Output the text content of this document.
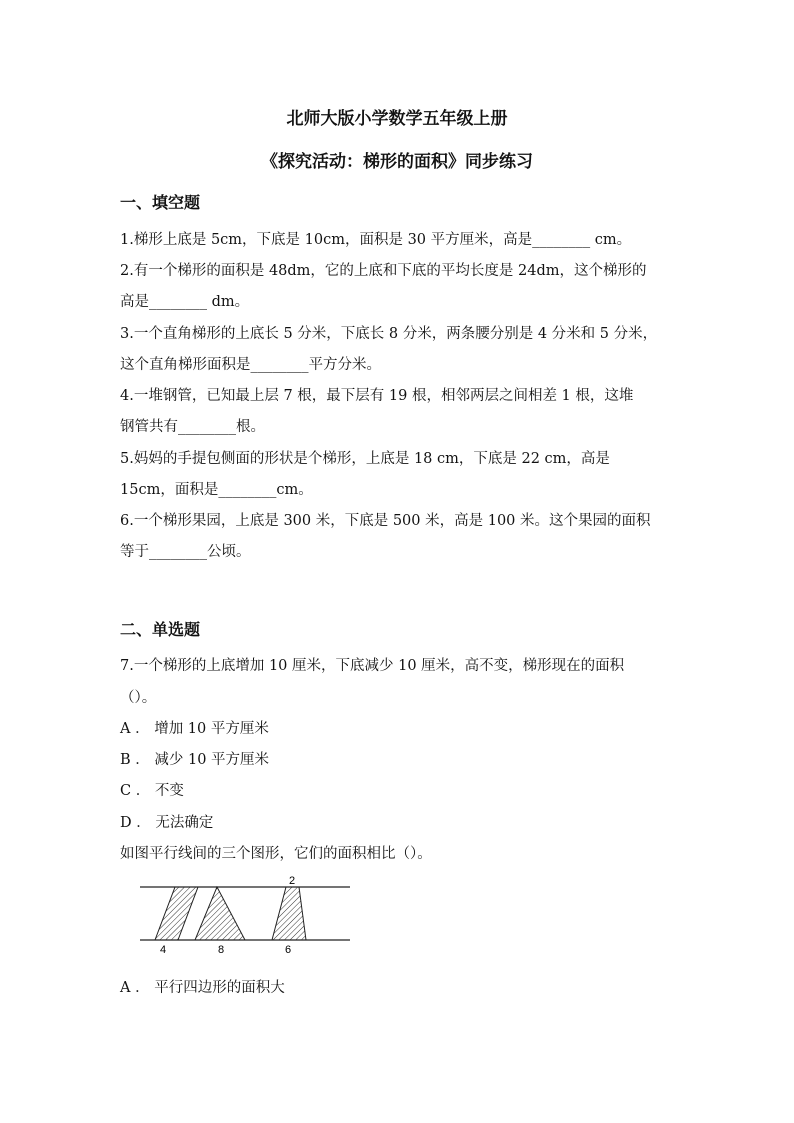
北师大版小学数学五年级上册
《探究活动：梯形的面积》同步练习
一、填空题
1.梯形上底是 5cm，下底是 10cm，面积是 30 平方厘米，高是________ cm。
2.有一个梯形的面积是 48dm，它的上底和下底的平均长度是 24dm，这个梯形的
高是________ dm。
3.一个直角梯形的上底长 5 分米，下底长 8 分米，两条腰分别是 4 分米和 5 分米，
这个直角梯形面积是________平方分米。
4.一堆钢管，已知最上层 7 根，最下层有 19 根，相邻两层之间相差 1 根，这堆
钢管共有________根。
5.妈妈的手提包侧面的形状是个梯形，上底是 18 cm，下底是 22 cm，高是
15cm，面积是________cm。
6.一个梯形果园，上底是 300 米，下底是 500 米，高是 100 米。这个果园的面积
等于________公顷。
二、单选题
7.一个梯形的上底增加 10 厘米，下底减少 10 厘米，高不变，梯形现在的面积
（）。
A ． 增加 10 平方厘米
B ． 减少 10 平方厘米
C ． 不变
D ． 无法确定
如图平行线间的三个图形，它们的面积相比（）。
4	8	6
2
A ． 平行四边形的面积大
